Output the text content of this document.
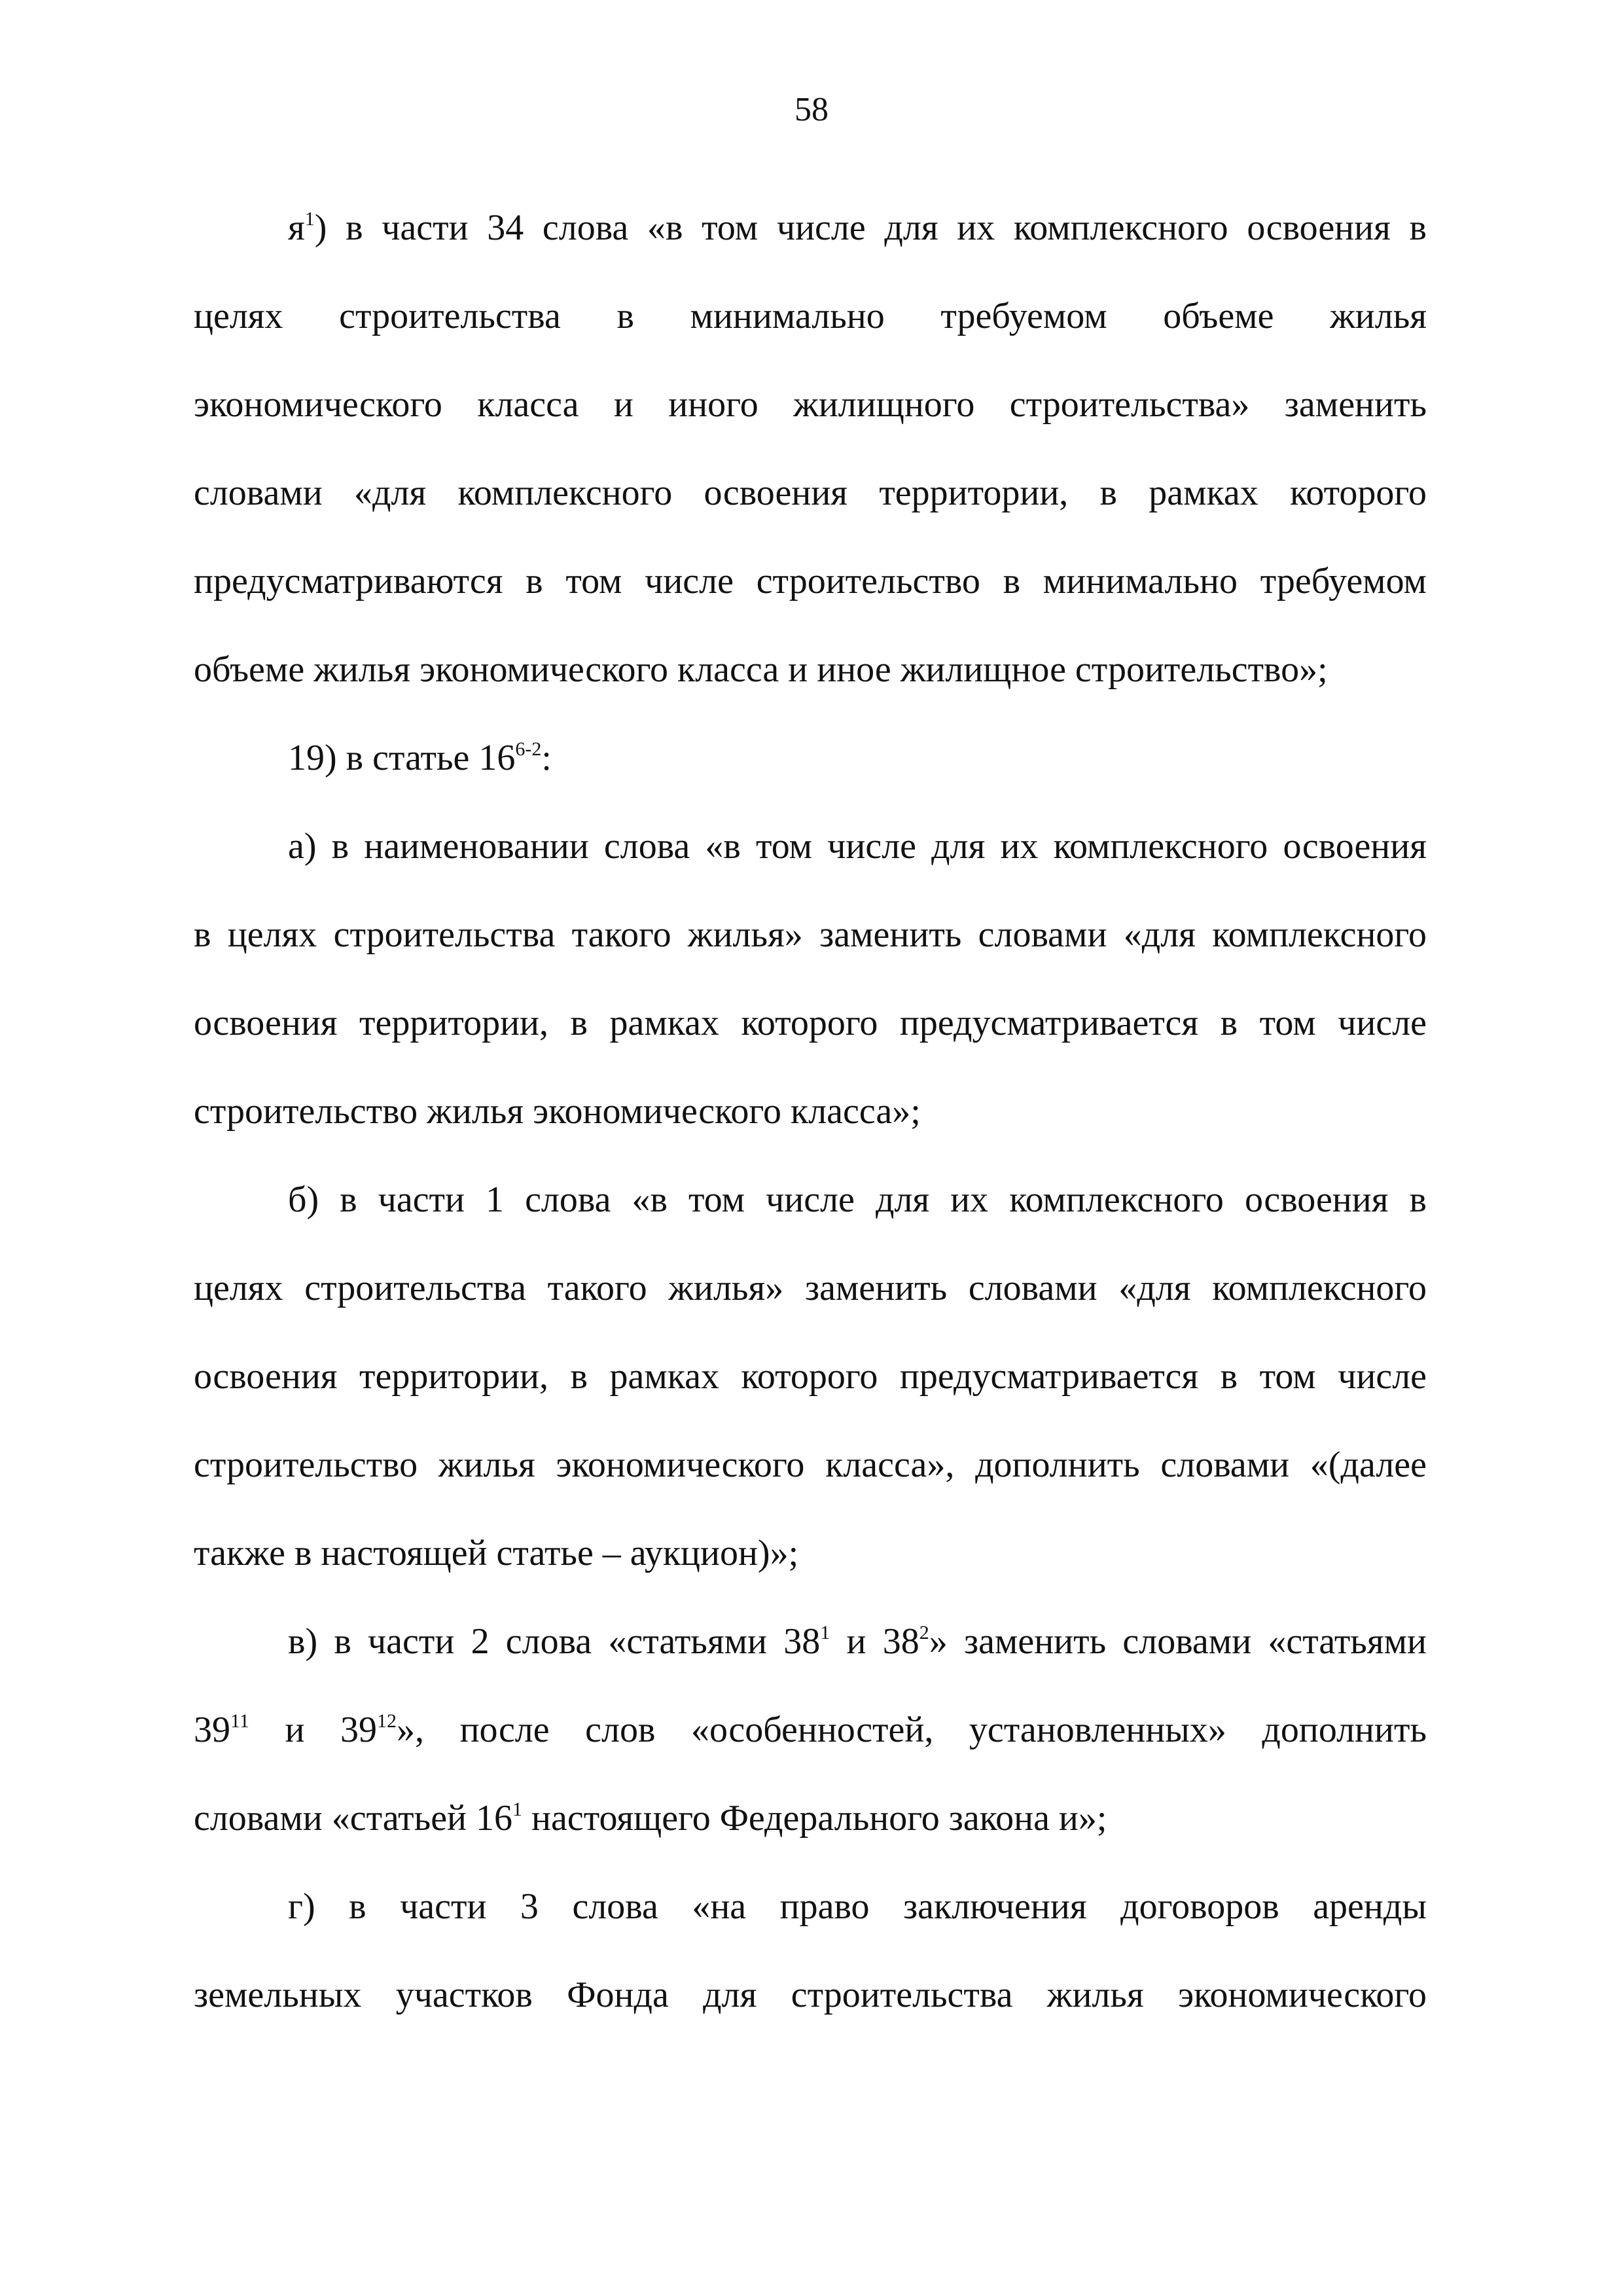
58
$я^1$) в части 34 слова «в том числе для их комплексного освоения в
целях строительства в минимально требуемом объеме жилья
экономического класса и иного жилищного строительства» заменить
словами «для комплексного освоения территории, в рамках которого
предусматриваются в том числе строительство в минимально требуемом
объеме жилья экономического класса и иное жилищное строительство»;
19) в статье 16$^{6-2}$:
а) в наименовании слова «в том числе для их комплексного освоения
в целях строительства такого жилья» заменить словами «для комплексного
освоения территории, в рамках которого предусматривается в том числе
строительство жилья экономического класса»;
б) в части 1 слова «в том числе для их комплексного освоения в
целях строительства такого жилья» заменить словами «для комплексного
освоения территории, в рамках которого предусматривается в том числе
строительство жилья экономического класса», дополнить словами «(далее
также в настоящей статье – аукцион)»;
в) в части 2 слова «статьями $38^1$ и $38^2$» заменить словами «статьями
$39^{11}$ и $39^{12}$», после слов «особенностей, установленных» дополнить
словами «статьей $16^1$ настоящего Федерального закона и»;
г) в части 3 слова «на право заключения договоров аренды
земельных участков Фонда для строительства жилья экономического
